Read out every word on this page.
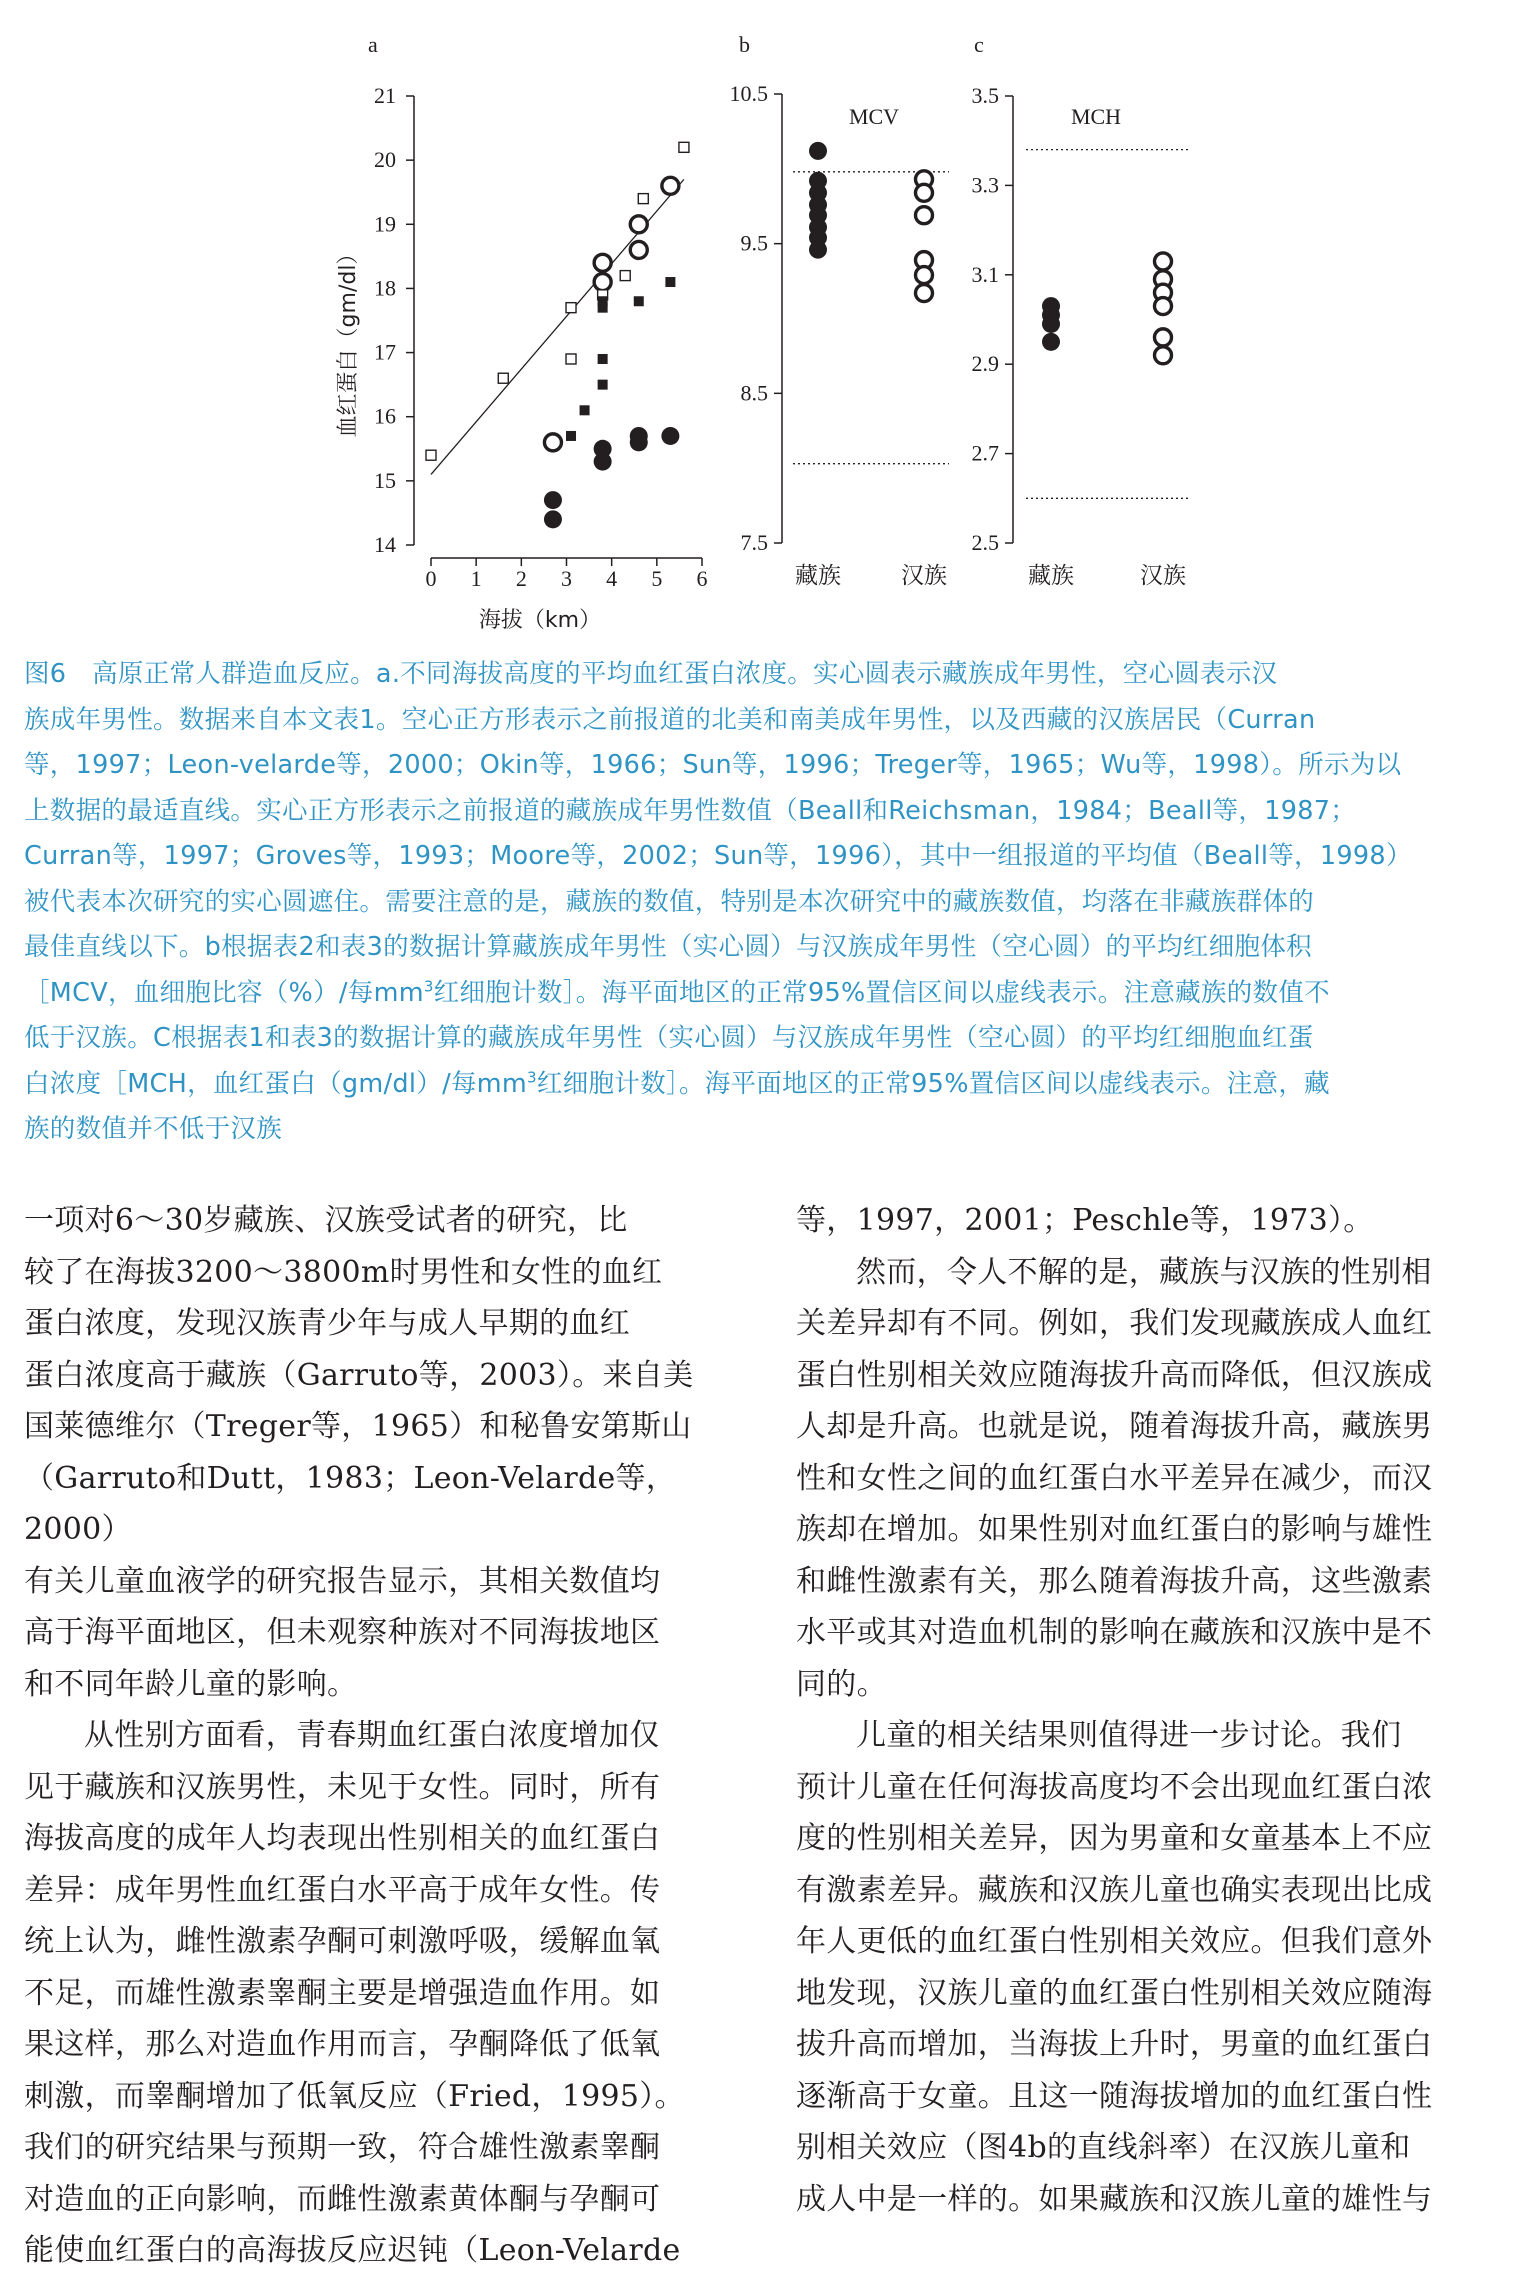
a	b	c
14
15
16
17
18
19
20
21
0 1 2 3 4 5 6
海拔（km）
血红蛋白（gm/dl）
7.5
8.5
9.5
10.5
MCV
藏族	汉族
2.5
2.7
2.9
3.1
3.3
3.5
MCH
藏族	汉族
图6　高原正常人群造血反应。a.不同海拔高度的平均血红蛋白浓度。实心圆表示藏族成年男性，空心圆表示汉
族成年男性。数据来自本文表1。空心正方形表示之前报道的北美和南美成年男性，以及西藏的汉族居民（Curran
等，1997；Leon-velarde等，2000；Okin等，1966；Sun等，1996；Treger等，1965；Wu等，1998）。所示为以
上数据的最适直线。实心正方形表示之前报道的藏族成年男性数值（Beall和Reichsman，1984；Beall等，1987；
Curran等，1997；Groves等，1993；Moore等，2002；Sun等，1996），其中一组报道的平均值（Beall等，1998）
被代表本次研究的实心圆遮住。需要注意的是，藏族的数值，特别是本次研究中的藏族数值，均落在非藏族群体的
最佳直线以下。b根据表2和表3的数据计算藏族成年男性（实心圆）与汉族成年男性（空心圆）的平均红细胞体积
［MCV，血细胞比容（%）/每$mm^3$红细胞计数］。海平面地区的正常95%置信区间以虚线表示。注意藏族的数值不
低于汉族。C根据表1和表3的数据计算的藏族成年男性（实心圆）与汉族成年男性（空心圆）的平均红细胞血红蛋
白浓度［MCH，血红蛋白（gm/dl）/每$mm^3$红细胞计数］。海平面地区的正常95%置信区间以虚线表示。注意，藏
族的数值并不低于汉族

一项对6～30岁藏族、汉族受试者的研究，比

较了在海拔3200～3800m时男性和女性的血红

蛋白浓度，发现汉族青少年与成人早期的血红

蛋白浓度高于藏族（Garruto等，2003）。来自美

国莱德维尔（Treger等，1965）和秘鲁安第斯山

（Garruto和Dutt，1983；Leon-Velarde等，2000）

有关儿童血液学的研究报告显示，其相关数值均

高于海平面地区，但未观察种族对不同海拔地区

和不同年龄儿童的影响。

从性别方面看，青春期血红蛋白浓度增加仅

见于藏族和汉族男性，未见于女性。同时，所有

海拔高度的成年人均表现出性别相关的血红蛋白

差异：成年男性血红蛋白水平高于成年女性。传

统上认为，雌性激素孕酮可刺激呼吸，缓解血氧

不足，而雄性激素睾酮主要是增强造血作用。如

果这样，那么对造血作用而言，孕酮降低了低氧

刺激，而睾酮增加了低氧反应（Fried，1995）。

我们的研究结果与预期一致，符合雄性激素睾酮

对造血的正向影响，而雌性激素黄体酮与孕酮可

能使血红蛋白的高海拔反应迟钝（Leon-Velarde

等，1997，2001；Peschle等，1973）。

然而，令人不解的是，藏族与汉族的性别相

关差异却有不同。例如，我们发现藏族成人血红

蛋白性别相关效应随海拔升高而降低，但汉族成

人却是升高。也就是说，随着海拔升高，藏族男

性和女性之间的血红蛋白水平差异在减少，而汉

族却在增加。如果性别对血红蛋白的影响与雄性

和雌性激素有关，那么随着海拔升高，这些激素

水平或其对造血机制的影响在藏族和汉族中是不

同的。

儿童的相关结果则值得进一步讨论。我们

预计儿童在任何海拔高度均不会出现血红蛋白浓

度的性别相关差异，因为男童和女童基本上不应

有激素差异。藏族和汉族儿童也确实表现出比成

年人更低的血红蛋白性别相关效应。但我们意外

地发现，汉族儿童的血红蛋白性别相关效应随海

拔升高而增加，当海拔上升时，男童的血红蛋白

逐渐高于女童。且这一随海拔增加的血红蛋白性

别相关效应（图4b的直线斜率）在汉族儿童和

成人中是一样的。如果藏族和汉族儿童的雄性与
